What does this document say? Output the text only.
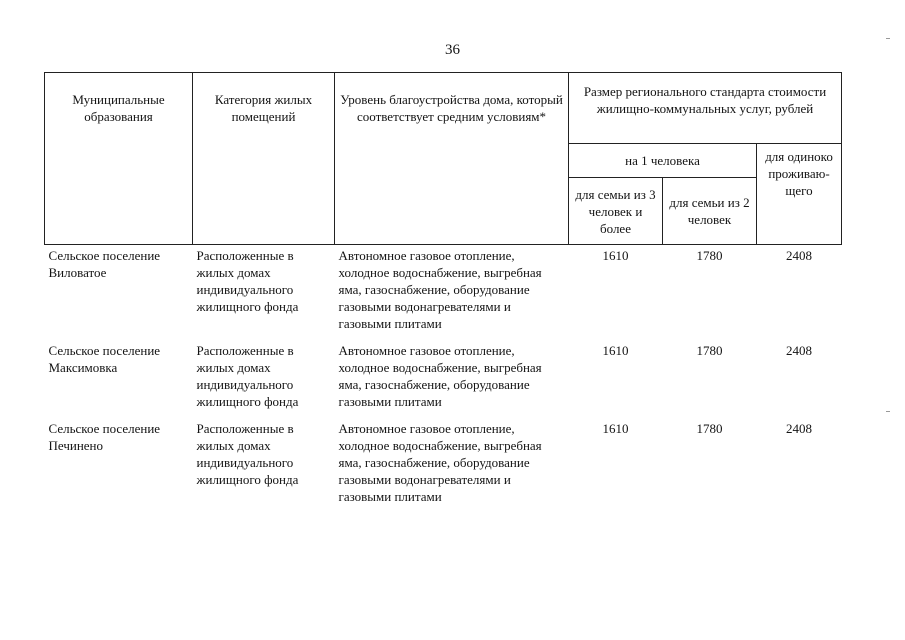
36
Муниципальные образования	Категория жилых помещений	Уровень благоустройства дома, который соответствует средним условиям*	Размер регионального стандарта стоимости жилищно-коммунальных услуг, рублей		
			на 1 человека		для одиноко проживаю-щего
			для семьи из 3 человек и более	для семьи из 2 человек	
Сельское поселение Виловатое	Расположенные в жилых домах индивидуального жилищного фонда	Автономное газовое отопление, холодное водоснабжение, выгребная яма, газоснабжение, оборудование газовыми водонагревателями и газовыми плитами	1610	1780	2408
Сельское поселение Максимовка	Расположенные в жилых домах индивидуального жилищного фонда	Автономное газовое отопление, холодное водоснабжение, выгребная яма, газоснабжение, оборудование газовыми плитами	1610	1780	2408
Сельское поселение Печинено	Расположенные в жилых домах индивидуального жилищного фонда	Автономное газовое отопление, холодное водоснабжение, выгребная яма, газоснабжение, оборудование газовыми водонагревателями и газовыми плитами	1610	1780	2408
